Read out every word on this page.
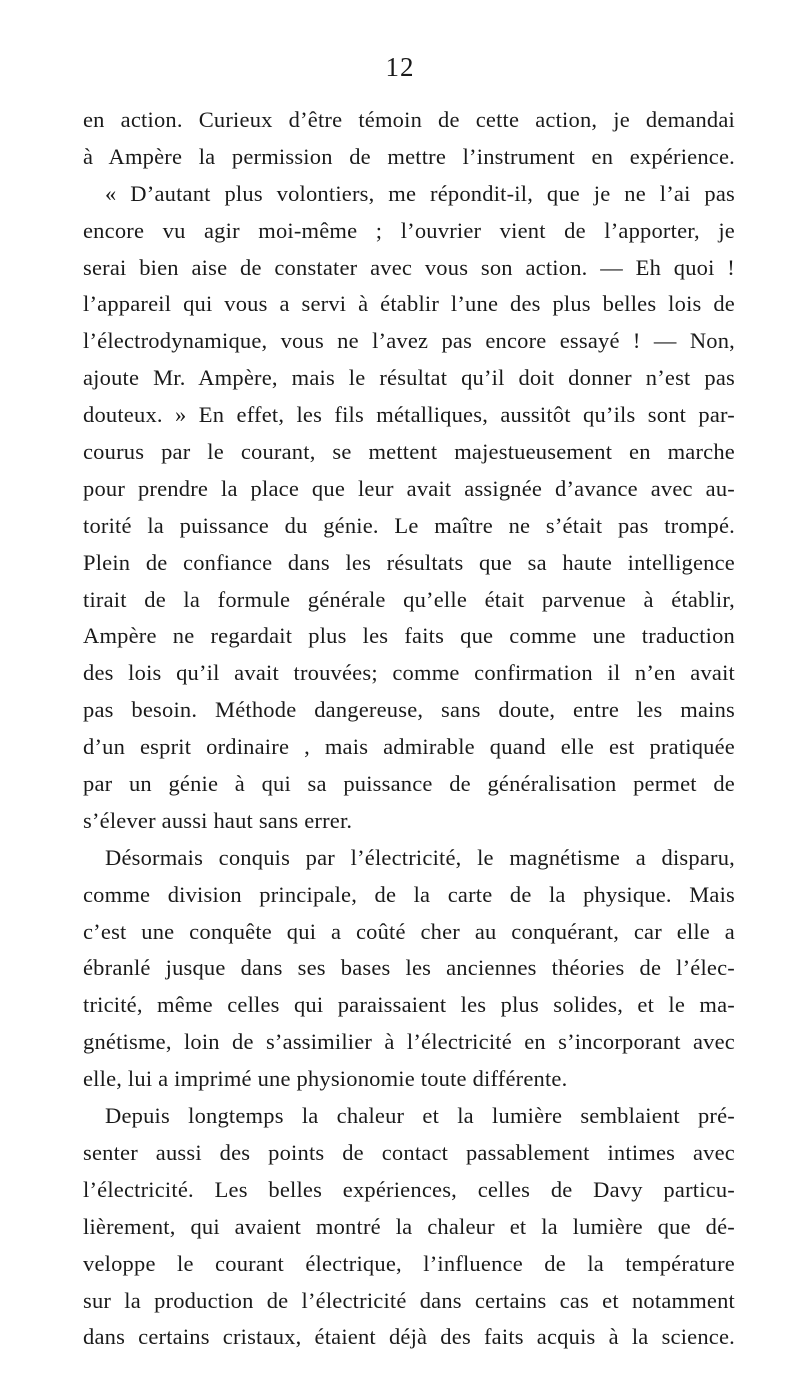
12
en action. Curieux d’être témoin de cette action, je demandai
à Ampère la permission de mettre l’instrument en expérience.
« D’autant plus volontiers, me répondit-il, que je ne l’ai pas
encore vu agir moi-même ; l’ouvrier vient de l’apporter, je
serai bien aise de constater avec vous son action. — Eh quoi !
l’appareil qui vous a servi à établir l’une des plus belles lois de
l’électrodynamique, vous ne l’avez pas encore essayé ! — Non,
ajoute Mr. Ampère, mais le résultat qu’il doit donner n’est pas
douteux. » En effet, les fils métalliques, aussitôt qu’ils sont par-
courus par le courant, se mettent majestueusement en marche
pour prendre la place que leur avait assignée d’avance avec au-
torité la puissance du génie. Le maître ne s’était pas trompé.
Plein de confiance dans les résultats que sa haute intelligence
tirait de la formule générale qu’elle était parvenue à établir,
Ampère ne regardait plus les faits que comme une traduction
des lois qu’il avait trouvées; comme confirmation il n’en avait
pas besoin. Méthode dangereuse, sans doute, entre les mains
d’un esprit ordinaire , mais admirable quand elle est pratiquée
par un génie à qui sa puissance de généralisation permet de
s’élever aussi haut sans errer.
Désormais conquis par l’électricité, le magnétisme a disparu,
comme division principale, de la carte de la physique. Mais
c’est une conquête qui a coûté cher au conquérant, car elle a
ébranlé jusque dans ses bases les anciennes théories de l’élec-
tricité, même celles qui paraissaient les plus solides, et le ma-
gnétisme, loin de s’assimilier à l’électricité en s’incorporant avec
elle, lui a imprimé une physionomie toute différente.
Depuis longtemps la chaleur et la lumière semblaient pré-
senter aussi des points de contact passablement intimes avec
l’électricité. Les belles expériences, celles de Davy particu-
lièrement, qui avaient montré la chaleur et la lumière que dé-
veloppe le courant électrique, l’influence de la température
sur la production de l’électricité dans certains cas et notamment
dans certains cristaux, étaient déjà des faits acquis à la science.
